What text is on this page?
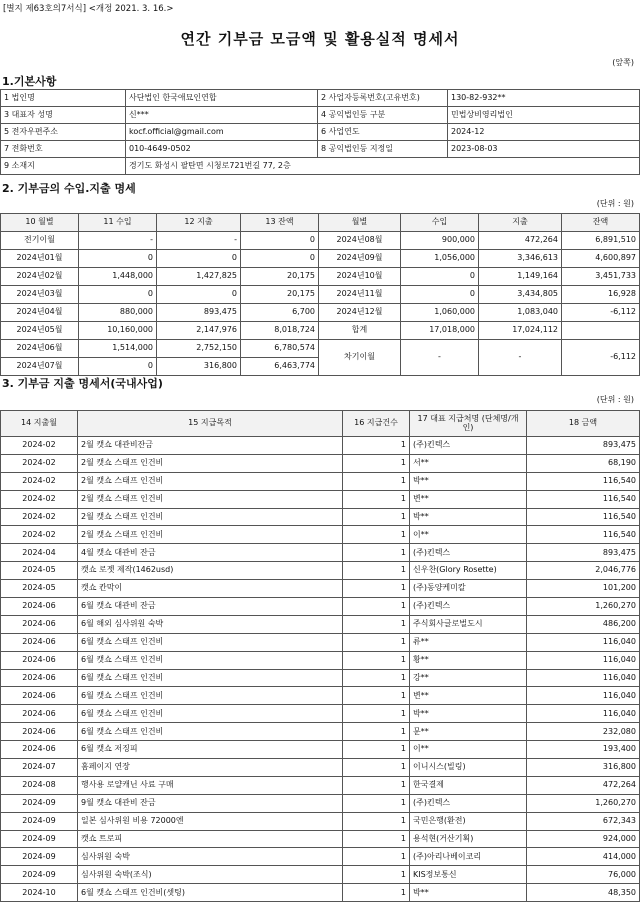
[별지 제63호의7서식] <개정 2021. 3. 16.>
연간 기부금 모금액 및 활용실적 명세서
(앞쪽)
1.기본사항
1 법인명	사단법인 한국애묘인연합	2 사업자등록번호(고유번호)	130-82-932**
3 대표자 성명	신***	4 공익법인등 구분	민법상비영리법인
5 전자우편주소	kocf.official@gmail.com	6 사업연도	2024-12
7 전화번호	010-4649-0502	8 공익법인등 지정일	2023-08-03
9 소재지	경기도 화성시 팔탄면 시청로721번길 77, 2층		
2. 기부금의 수입.지출 명세
(단위 : 원)
10 월별	11 수입	12 지출	13 잔액	월별	수입	지출	잔액
전기이월	-	-	0	2024년08월	900,000	472,264	6,891,510
2024년01월	0	0	0	2024년09월	1,056,000	3,346,613	4,600,897
2024년02월	1,448,000	1,427,825	20,175	2024년10월	0	1,149,164	3,451,733
2024년03월	0	0	20,175	2024년11월	0	3,434,805	16,928
2024년04월	880,000	893,475	6,700	2024년12월	1,060,000	1,083,040	-6,112
2024년05월	10,160,000	2,147,976	8,018,724	합계	17,018,000	17,024,112	
2024년06월	1,514,000	2,752,150	6,780,574	차기이월	-	-	-6,112
2024년07월	0	316,800	6,463,774				
3. 기부금 지출 명세서(국내사업)
(단위 : 원)
14 지출월	15 지급목적	16 지급건수	17 대표 지급처명 (단체명/개인)	18 금액
2024-02	2월 캣쇼 대관비잔금	1	(주)킨텍스	893,475
2024-02	2월 캣쇼 스태프 인건비	1	서**	68,190
2024-02	2월 캣쇼 스태프 인건비	1	박**	116,540
2024-02	2월 캣쇼 스태프 인건비	1	변**	116,540
2024-02	2월 캣쇼 스태프 인건비	1	박**	116,540
2024-02	2월 캣쇼 스태프 인건비	1	이**	116,540
2024-04	4월 캣쇼 대관비 잔금	1	(주)킨텍스	893,475
2024-05	캣쇼 로젯 제작(1462usd)	1	신우찬(Glory Rosette)	2,046,776
2024-05	캣쇼 칸막이	1	(주)동양케미칼	101,200
2024-06	6월 캣쇼 대관비 잔금	1	(주)킨텍스	1,260,270
2024-06	6월 해외 심사위원 숙박	1	주식회사글로벌도시	486,200
2024-06	6월 캣쇼 스태프 인건비	1	류**	116,040
2024-06	6월 캣쇼 스태프 인건비	1	황**	116,040
2024-06	6월 캣쇼 스태프 인건비	1	강**	116,040
2024-06	6월 캣쇼 스태프 인건비	1	변**	116,040
2024-06	6월 캣쇼 스태프 인건비	1	박**	116,040
2024-06	6월 캣쇼 스태프 인건비	1	문**	232,080
2024-06	6월 캣쇼 저징피	1	이**	193,400
2024-07	홈페이지 연장	1	이니시스(빌링)	316,800
2024-08	행사용 로얄캐닌 사료 구매	1	한국결제	472,264
2024-09	9월 캣쇼 대관비 잔금	1	(주)킨텍스	1,260,270
2024-09	일본 심사위원 비용 72000엔	1	국민은행(환전)	672,343
2024-09	캣쇼 트로피	1	용석현(거산기획)	924,000
2024-09	심사위원 숙박	1	(주)아리나베이코리	414,000
2024-09	심사위원 숙박(조식)	1	KIS정보통신	76,000
2024-10	6월 캣쇼 스태프 인건비(셋팅)	1	박**	48,350
